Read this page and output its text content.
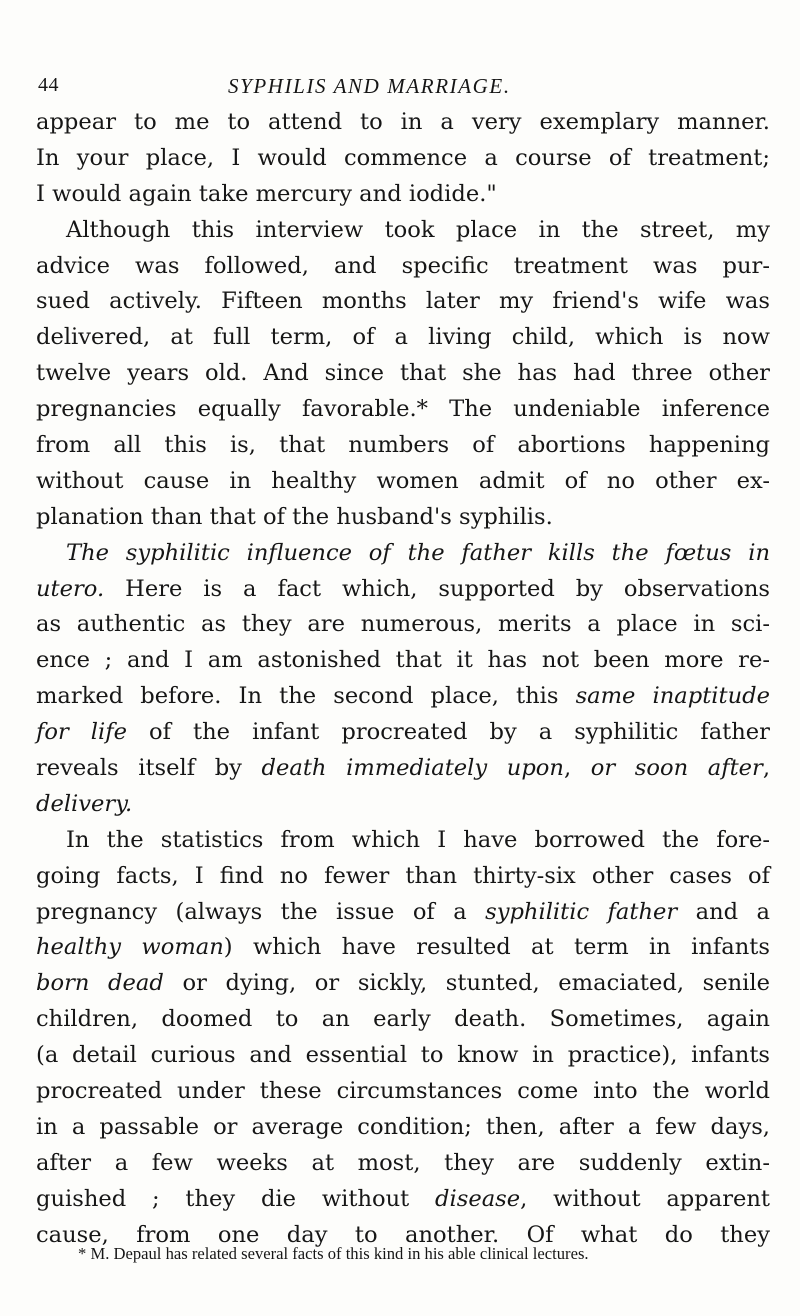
44	SYPHILIS AND MARRIAGE.
appear to me to attend to in a very exemplary manner.
In your place, I would commence a course of treatment;
I would again take mercury and iodide."
Although this interview took place in the street, my
advice was followed, and specific treatment was pur-
sued actively. Fifteen months later my friend's wife was
delivered, at full term, of a living child, which is now
twelve years old. And since that she has had three other
pregnancies equally favorable.* The undeniable inference
from all this is, that numbers of abortions happening
without cause in healthy women admit of no other ex-
planation than that of the husband's syphilis.
The syphilitic influence of the father kills the fœtus in
utero. Here is a fact which, supported by observations
as authentic as they are numerous, merits a place in sci-
ence ; and I am astonished that it has not been more re-
marked before. In the second place, this same inaptitude
for life of the infant procreated by a syphilitic father
reveals itself by death immediately upon, or soon after,
delivery.
In the statistics from which I have borrowed the fore-
going facts, I find no fewer than thirty-six other cases of
pregnancy (always the issue of a syphilitic father and a
healthy woman) which have resulted at term in infants
born dead or dying, or sickly, stunted, emaciated, senile
children, doomed to an early death. Sometimes, again
(a detail curious and essential to know in practice), infants
procreated under these circumstances come into the world
in a passable or average condition; then, after a few days,
after a few weeks at most, they are suddenly extin-
guished ; they die without disease, without apparent
cause, from one day to another. Of what do they
* M. Depaul has related several facts of this kind in his able clinical lectures.
